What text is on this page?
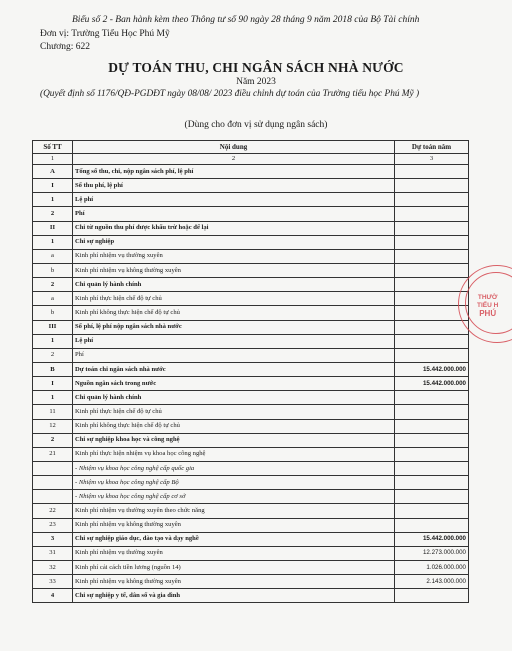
Biểu số 2 - Ban hành kèm theo Thông tư số 90 ngày 28 tháng 9 năm 2018 của Bộ Tài chính
Đơn vị: Trường Tiểu Học Phú Mỹ
Chương: 622
DỰ TOÁN THU, CHI NGÂN SÁCH NHÀ NƯỚC
Năm 2023
(Quyết định số 1176/QĐ-PGDĐT ngày 08/08/ 2023 điều chỉnh dự toán của Trường tiểu học Phú Mỹ )
(Dùng cho đơn vị sử dụng ngân sách)
Số TT	Nội dung	Dự toán năm
1	2	3
A	Tổng số thu, chi, nộp ngân sách phí, lệ phí	
I	Số thu phí, lệ phí	
1	Lệ phí	
2	Phí	
II	Chi từ nguồn thu phí được khấu trừ hoặc để lại	
1	Chi sự nghiệp	
a	Kinh phí nhiệm vụ thường xuyên	
b	Kinh phí nhiệm vụ không thường xuyên	
2	Chi quản lý hành chính	
a	Kinh phí thực hiện chế độ tự chủ	
b	Kinh phí không thực hiện chế độ tự chủ	
III	Số phí, lệ phí nộp ngân sách nhà nước	
1	Lệ phí	
2	Phí	
B	Dự toán chi ngân sách nhà nước	15.442.000.000
I	Nguồn ngân sách trong nước	15.442.000.000
1	Chi quản lý hành chính	
11	Kinh phí thực hiện chế độ tự chủ	
12	Kinh phí không thực hiện chế độ tự chủ	
2	Chi sự nghiệp khoa học và công nghệ	
21	Kinh phí thực hiện nhiệm vụ khoa học công nghệ	
	- Nhiệm vụ khoa học công nghệ cấp quốc gia	
	- Nhiệm vụ khoa học công nghệ cấp Bộ	
	- Nhiệm vụ khoa học công nghệ cấp cơ sở	
22	Kinh phí nhiệm vụ thường xuyên theo chức năng	
23	Kinh phí nhiệm vụ không thường xuyên	
3	Chi sự nghiệp giáo dục, đào tạo và dạy nghề	15.442.000.000
31	Kinh phí nhiệm vụ thường xuyên	12.273.000.000
32	Kinh phí cải cách tiền lương (nguồn 14)	1.026.000.000
33	Kinh phí nhiệm vụ không thường xuyên	2.143.000.000
4	Chi sự nghiệp y tế, dân số và gia đình	
THƯỜ
TIỂU H
PHÚ
